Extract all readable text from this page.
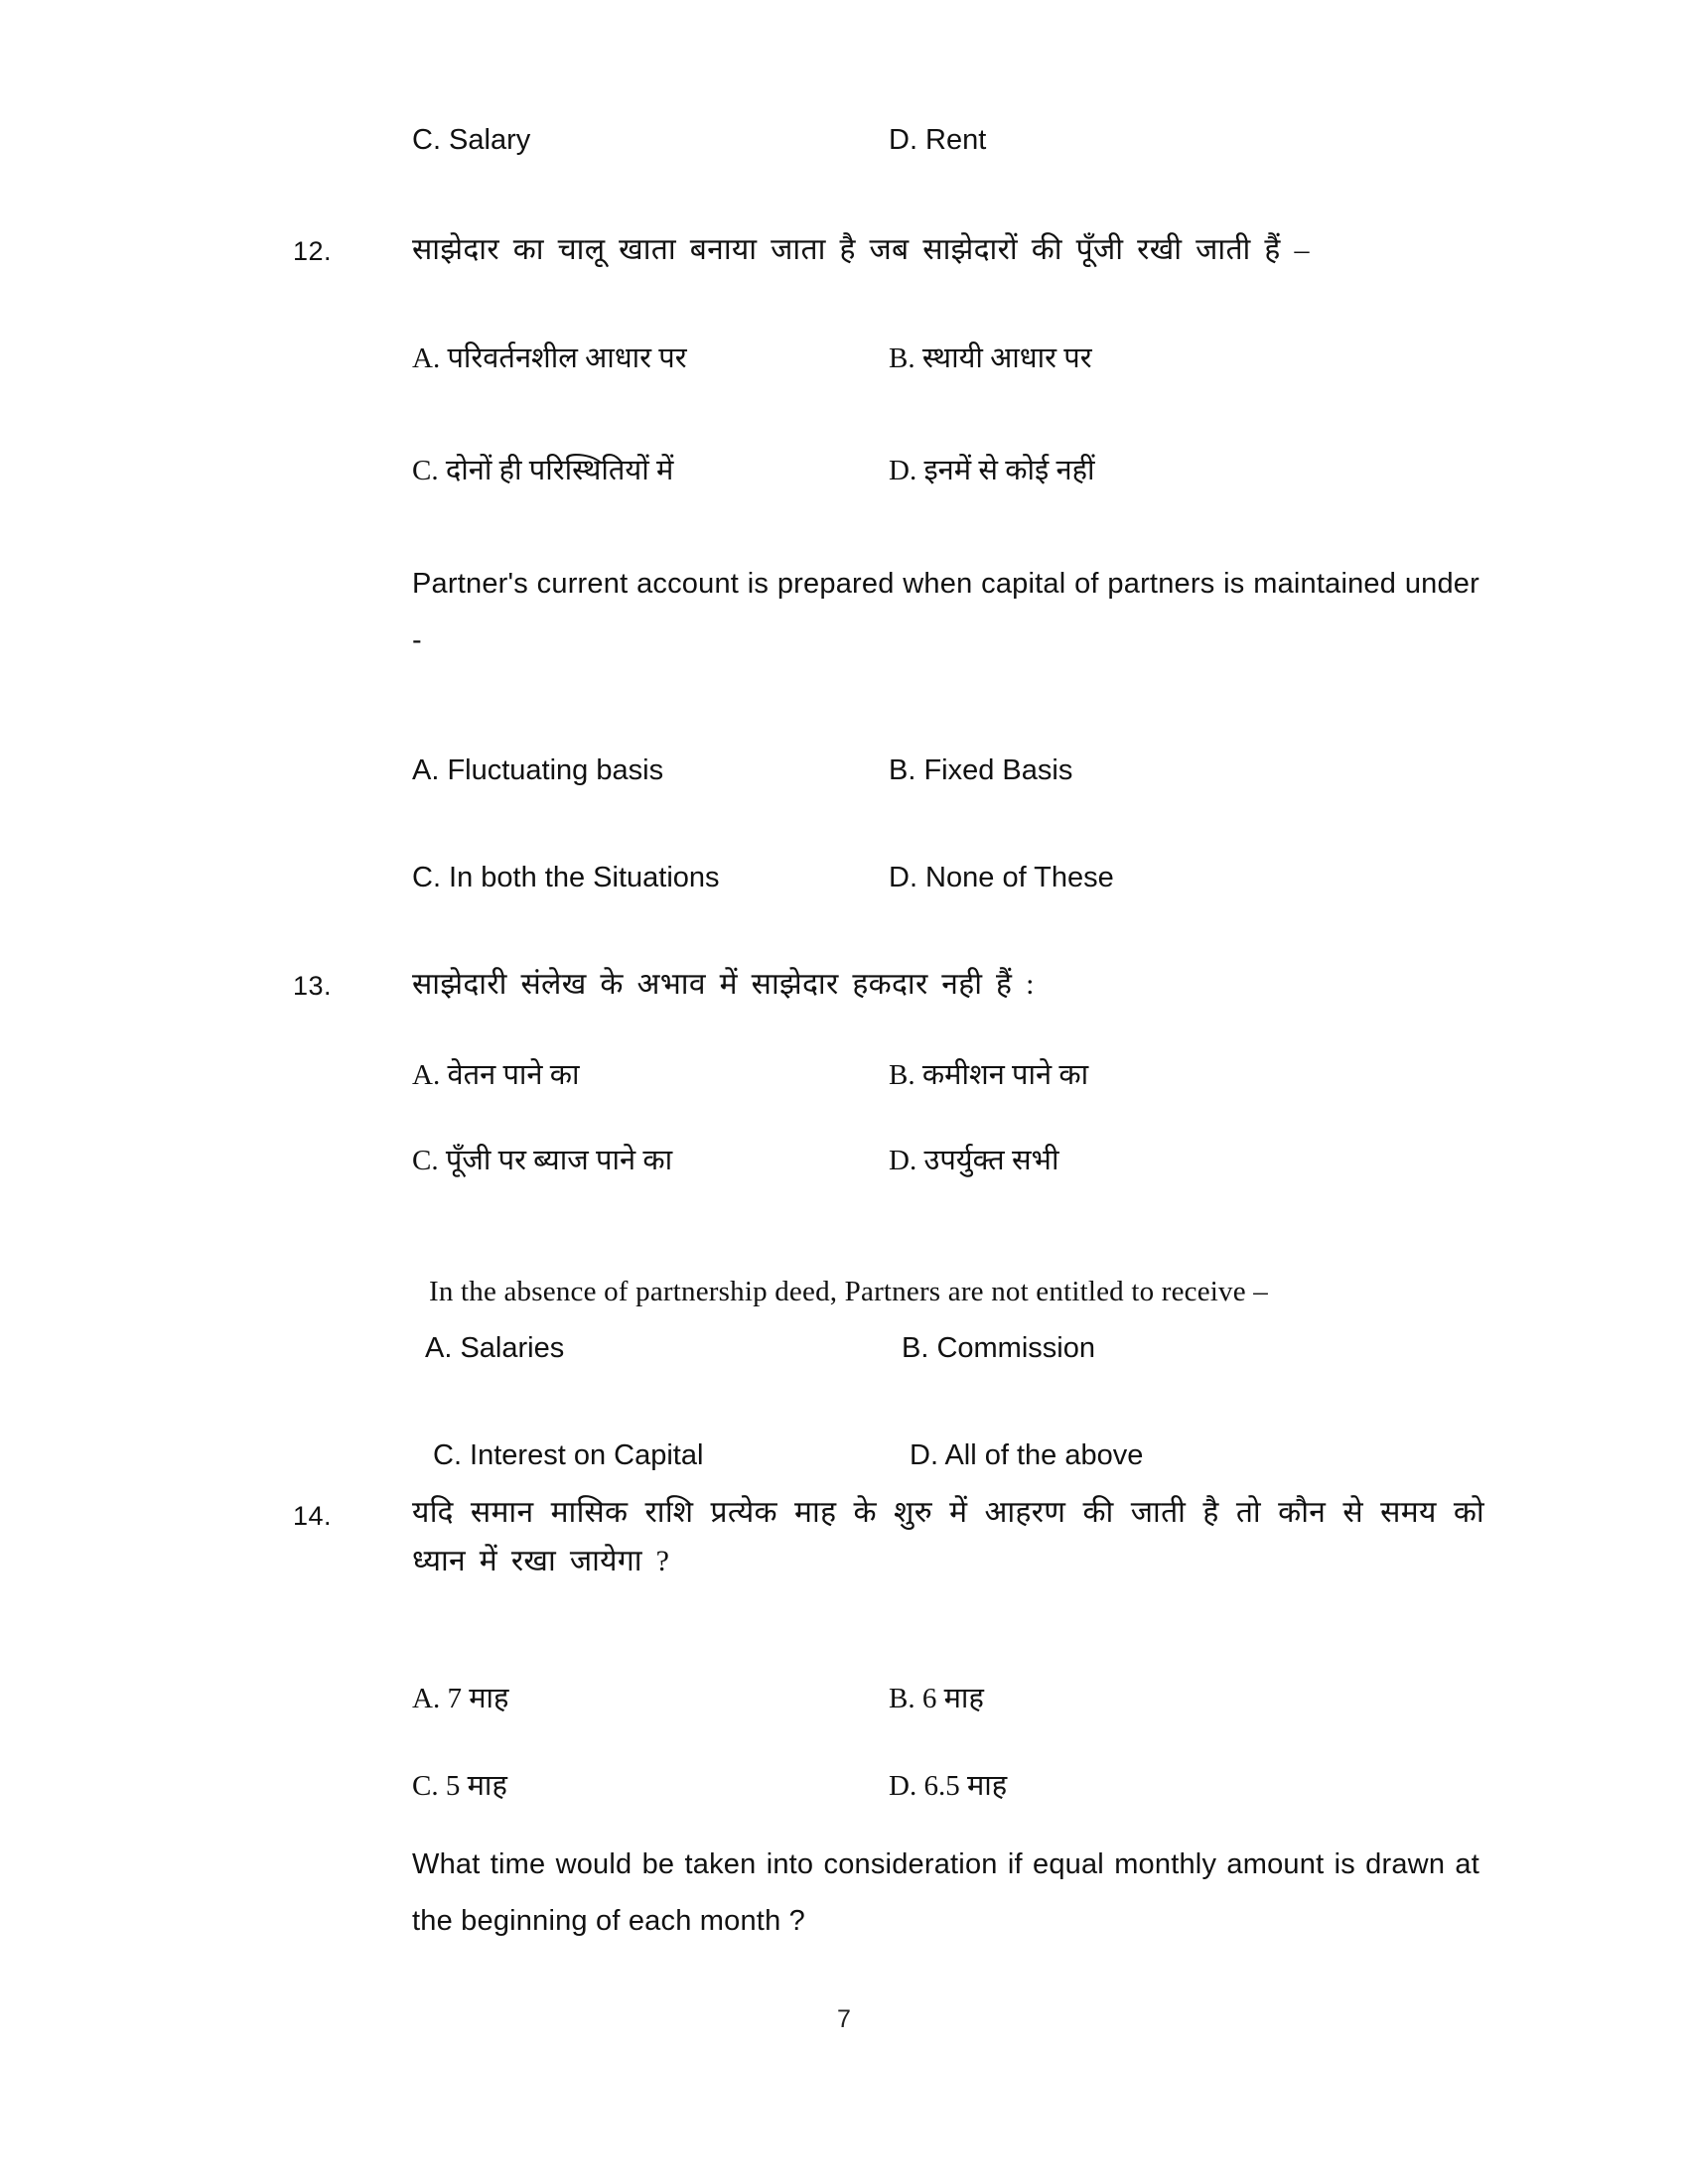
C. Salary	D. Rent
12.	साझेदार का चालू खाता बनाया जाता है जब साझेदारों की पूँजी रखी जाती हैं –
A. परिवर्तनशील आधार पर	B. स्थायी आधार पर
C. दोनों ही परिस्थितियों में	D. इनमें से कोई नहीं
Partner's current account is prepared when capital of partners is maintained under -
A. Fluctuating basis	B. Fixed Basis
C. In both the Situations	D. None of These
13.	साझेदारी संलेख के अभाव में साझेदार हकदार नही हैं :
A. वेतन पाने का	B. कमीशन पाने का
C. पूँजी पर ब्याज पाने का	D. उपर्युक्त सभी
In the absence of partnership deed, Partners are not entitled to receive –
A. Salaries	B. Commission
C. Interest on Capital	D. All of the above
14.	यदि समान मासिक राशि प्रत्येक माह के शुरु में आहरण की जाती है तो कौन से समय को ध्यान में रखा जायेगा ?
A. 7 माह	B. 6 माह
C. 5 माह	D. 6.5 माह
What time would be taken into consideration if equal monthly amount is drawn at the beginning of each month ?
7
